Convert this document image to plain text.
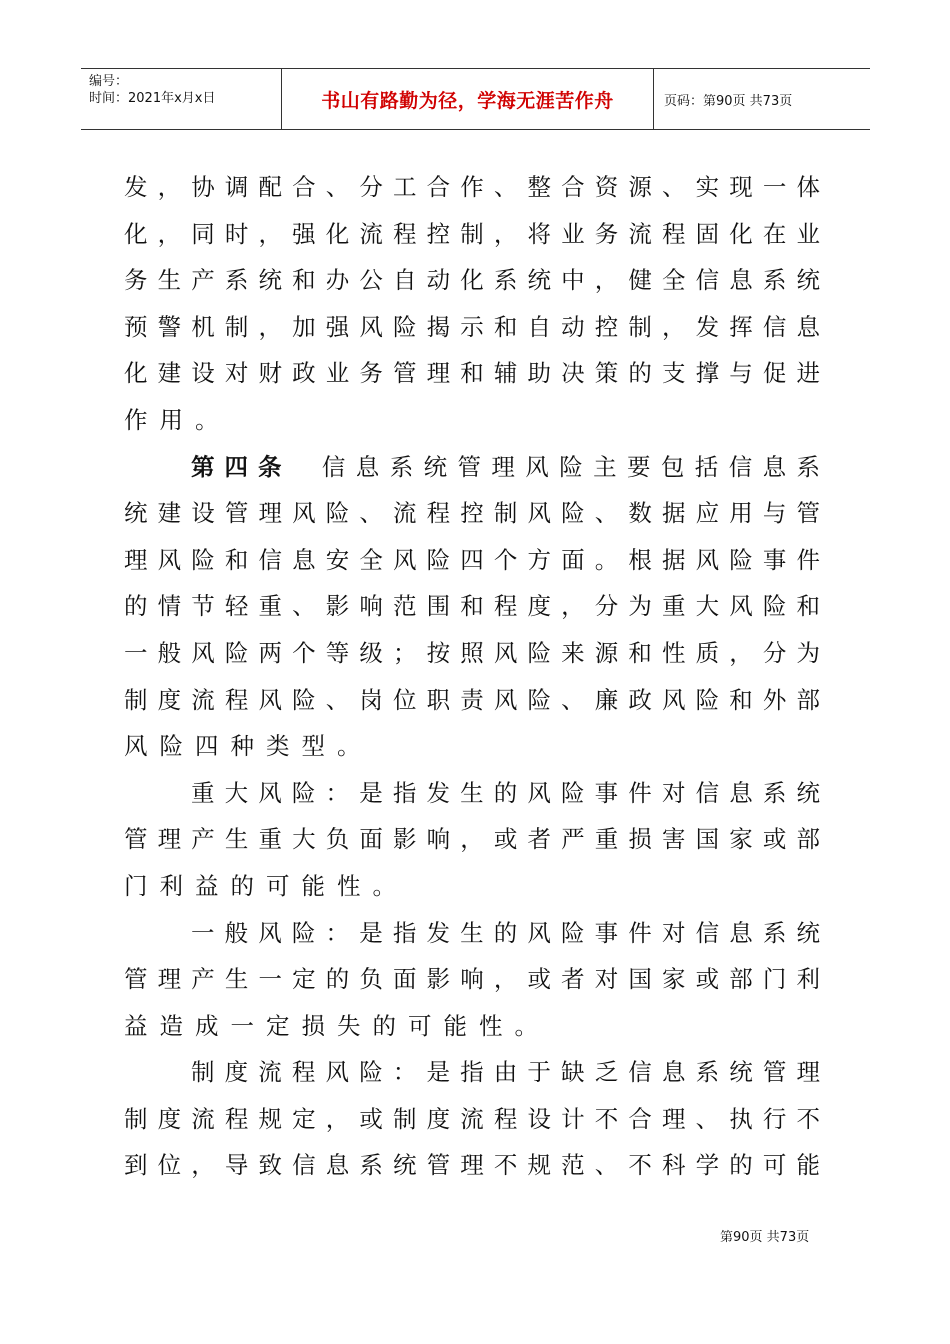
编号：
时间：2021年x月x日	书山有路勤为径，学海无涯苦作舟	页码：第90页 共73页
发，协调配合、分工合作、整合资源、实现一体
化，同时，强化流程控制，将业务流程固化在业
务生产系统和办公自动化系统中，健全信息系统
预警机制，加强风险揭示和自动控制，发挥信息
化建设对财政业务管理和辅助决策的支撑与促进
作用。
第四条 信息系统管理风险主要包括信息系
统建设管理风险、流程控制风险、数据应用与管
理风险和信息安全风险四个方面。根据风险事件
的情节轻重、影响范围和程度，分为重大风险和
一般风险两个等级；按照风险来源和性质，分为
制度流程风险、岗位职责风险、廉政风险和外部
风险四种类型。
重大风险：是指发生的风险事件对信息系统
管理产生重大负面影响，或者严重损害国家或部
门利益的可能性。
一般风险：是指发生的风险事件对信息系统
管理产生一定的负面影响，或者对国家或部门利
益造成一定损失的可能性。
制度流程风险：是指由于缺乏信息系统管理
制度流程规定，或制度流程设计不合理、执行不
到位，导致信息系统管理不规范、不科学的可能
第90页 共73页
